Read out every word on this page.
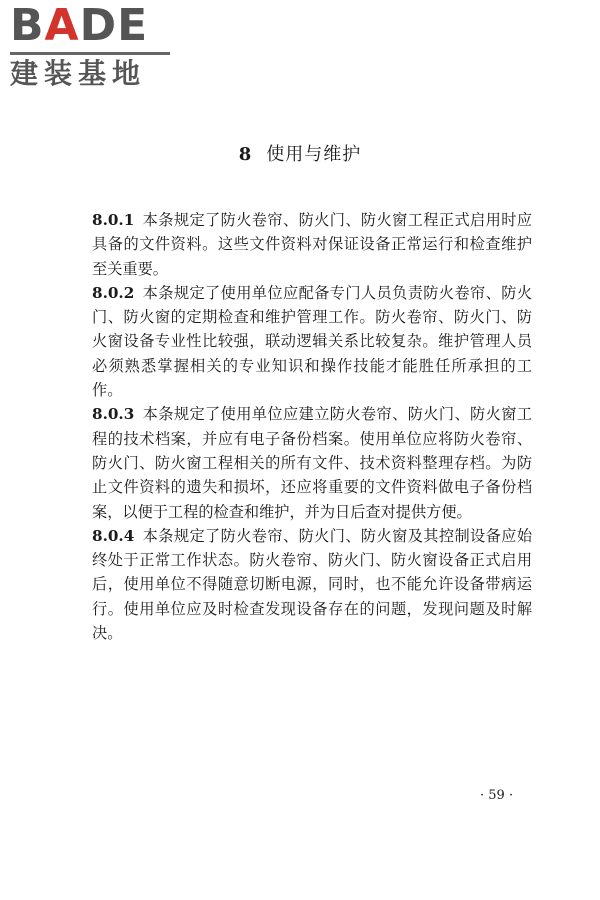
B A DE
建装基地
8 使用与维护

8.0.1 本条规定了防火卷帘、防火门、防火窗工程正式启用时应具备的文件资料。这些文件资料对保证设备正常运行和检查维护至关重要。

8.0.2 本条规定了使用单位应配备专门人员负责防火卷帘、防火门、防火窗的定期检查和维护管理工作。防火卷帘、防火门、防火窗设备专业性比较强，联动逻辑关系比较复杂。维护管理人员必须熟悉掌握相关的专业知识和操作技能才能胜任所承担的工作。

8.0.3 本条规定了使用单位应建立防火卷帘、防火门、防火窗工程的技术档案，并应有电子备份档案。使用单位应将防火卷帘、防火门、防火窗工程相关的所有文件、技术资料整理存档。为防止文件资料的遗失和损坏，还应将重要的文件资料做电子备份档案，以便于工程的检查和维护，并为日后查对提供方便。

8.0.4 本条规定了防火卷帘、防火门、防火窗及其控制设备应始终处于正常工作状态。防火卷帘、防火门、防火窗设备正式启用后，使用单位不得随意切断电源，同时，也不能允许设备带病运行。使用单位应及时检查发现设备存在的问题，发现问题及时解决。

· 59 ·
